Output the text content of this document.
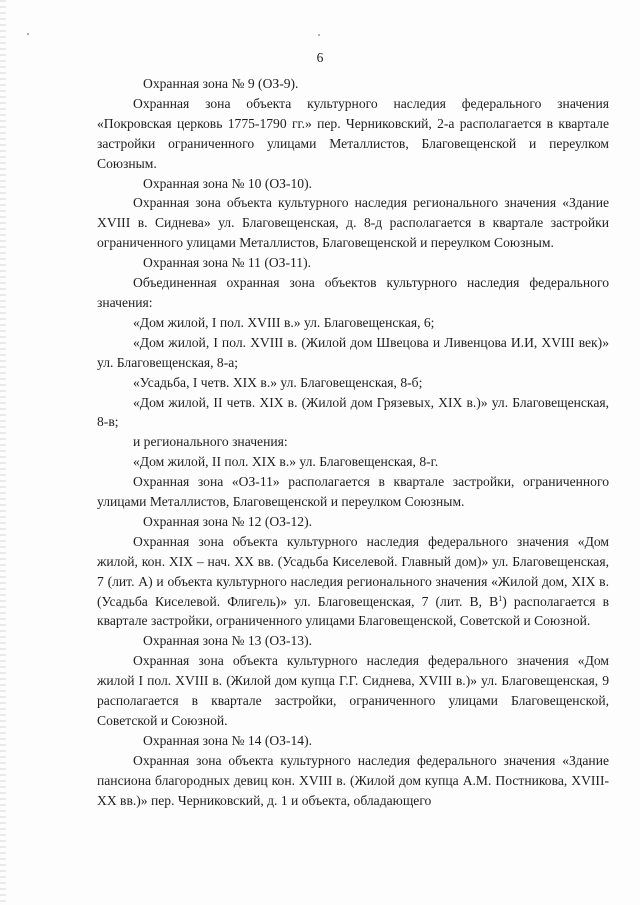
6

Охранная зона № 9 (ОЗ-9).

Охранная зона объекта культурного наследия федерального значения «Покровская церковь 1775-1790 гг.» пер. Черниковский, 2-а располагается в квартале застройки ограниченного улицами Металлистов, Благовещенской и переулком Союзным.

Охранная зона № 10 (ОЗ-10).

Охранная зона объекта культурного наследия регионального значения «Здание XVIII в. Сиднева» ул. Благовещенская, д. 8-д располагается в квартале застройки ограниченного улицами Металлистов, Благовещенской и переулком Союзным.

Охранная зона № 11 (ОЗ-11).

Объединенная охранная зона объектов культурного наследия федерального значения:

«Дом жилой, I пол. XVIII в.» ул. Благовещенская, 6;

«Дом жилой, I пол. XVIII в. (Жилой дом Швецова и Ливенцова И.И, XVIII век)» ул. Благовещенская, 8-а;

«Усадьба, I четв. XIX в.» ул. Благовещенская, 8-б;

«Дом жилой, II четв. XIX в. (Жилой дом Грязевых, XIX в.)» ул. Благовещенская, 8-в;

и регионального значения:

«Дом жилой, II пол. XIX в.» ул. Благовещенская, 8-г.

Охранная зона «ОЗ-11» располагается в квартале застройки, ограниченного улицами Металлистов, Благовещенской и переулком Союзным.

Охранная зона № 12 (ОЗ-12).

Охранная зона объекта культурного наследия федерального значения «Дом жилой, кон. XIX – нач. XX вв. (Усадьба Киселевой. Главный дом)» ул. Благовещенская, 7 (лит. А) и объекта культурного наследия регионального значения «Жилой дом, XIX в. (Усадьба Киселевой. Флигель)» ул. Благовещенская, 7 (лит. В, $В^1$) располагается в квартале застройки, ограниченного улицами Благовещенской, Советской и Союзной.

Охранная зона № 13 (ОЗ-13).

Охранная зона объекта культурного наследия федерального значения «Дом жилой I пол. XVIII в. (Жилой дом купца Г.Г. Сиднева, XVIII в.)» ул. Благовещенская, 9 располагается в квартале застройки, ограниченного улицами Благовещенской, Советской и Союзной.

Охранная зона № 14 (ОЗ-14).

Охранная зона объекта культурного наследия федерального значения «Здание пансиона благородных девиц кон. XVIII в. (Жилой дом купца А.М. Постникова, XVIII-XX вв.)» пер. Черниковский, д. 1 и объекта, обладающего
